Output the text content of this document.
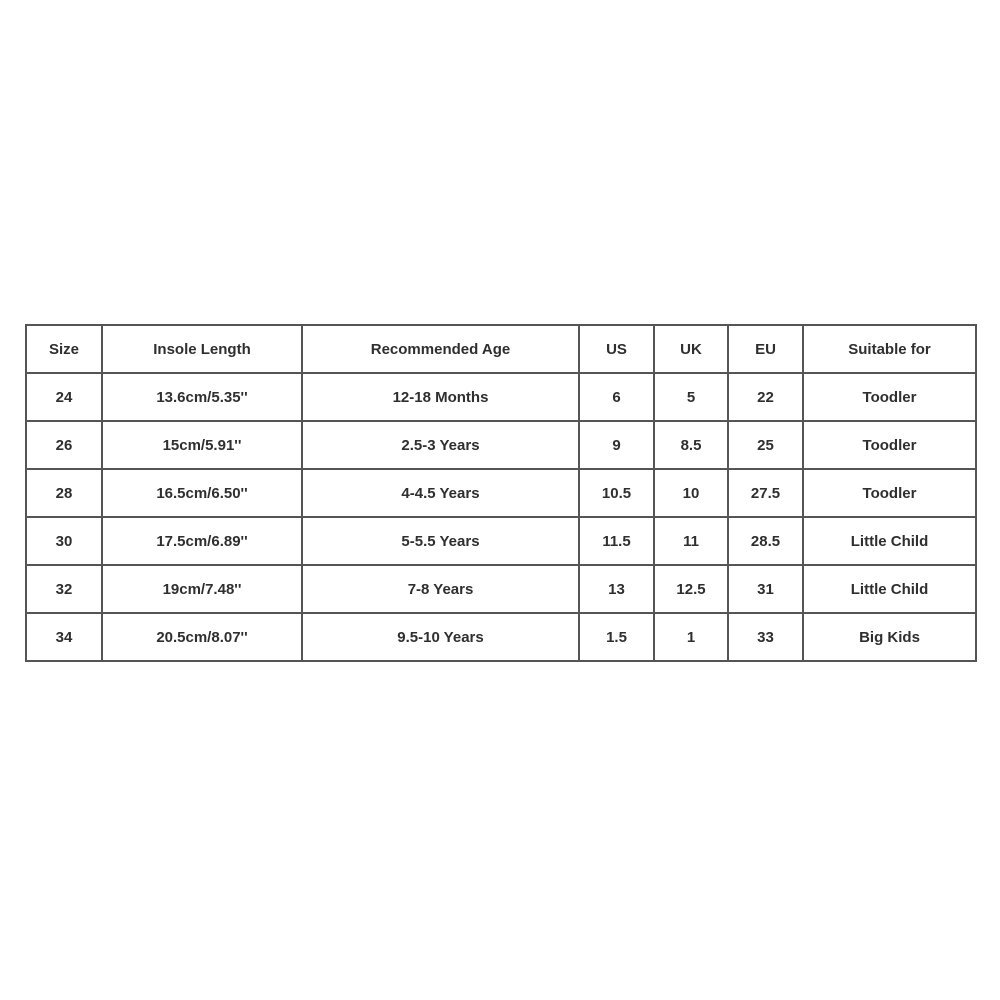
Size	Insole Length	Recommended Age	US	UK	EU	Suitable for
24	13.6cm/5.35''	12-18 Months	6	5	22	Toodler
26	15cm/5.91''	2.5-3 Years	9	8.5	25	Toodler
28	16.5cm/6.50''	4-4.5 Years	10.5	10	27.5	Toodler
30	17.5cm/6.89''	5-5.5 Years	11.5	11	28.5	Little Child
32	19cm/7.48''	7-8 Years	13	12.5	31	Little Child
34	20.5cm/8.07''	9.5-10 Years	1.5	1	33	Big Kids
